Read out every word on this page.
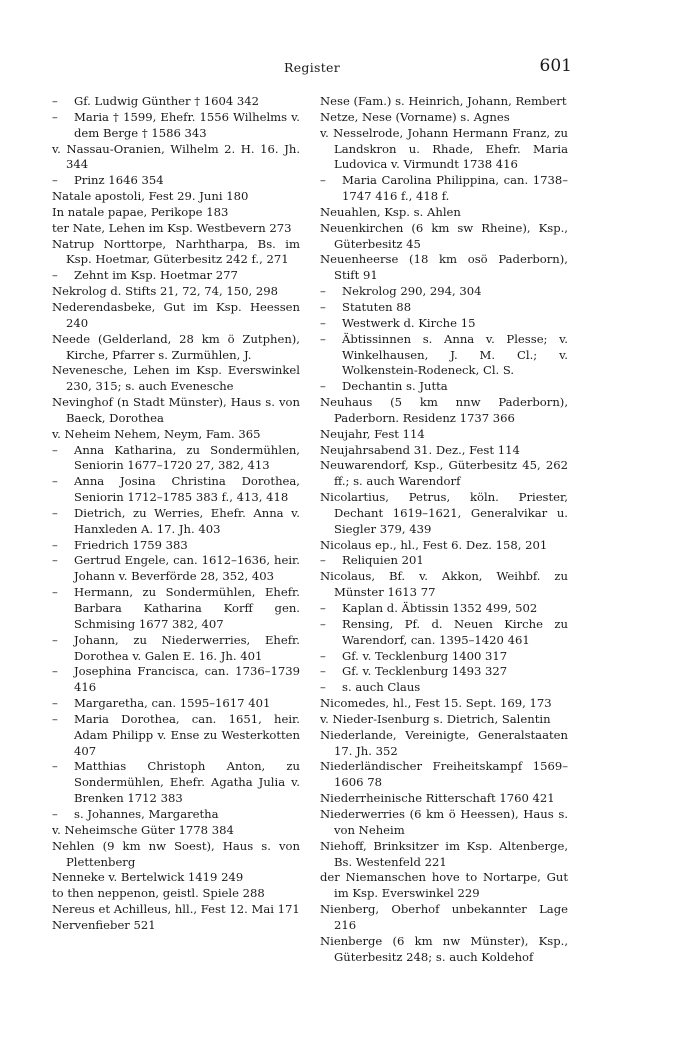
Register	601
– Gf. Ludwig Günther † 1604 342
– Maria † 1599, Ehefr. 1556 Wilhelms v. dem Berge † 1586 343
v. Nassau-Oranien, Wilhelm 2. H. 16. Jh. 344
– Prinz 1646 354
Natale apostoli, Fest 29. Juni 180
In natale papae, Perikope 183
ter Nate, Lehen im Ksp. Westbevern 273
Natrup Norttorpe, Narhtharpa, Bs. im Ksp. Hoetmar, Güterbesitz 242 f., 271
– Zehnt im Ksp. Hoetmar 277
Nekrolog d. Stifts 21, 72, 74, 150, 298
Nederendasbeke, Gut im Ksp. Heessen 240
Neede (Gelderland, 28 km ö Zutphen), Kirche, Pfarrer s. Zurmühlen, J.
Nevenesche, Lehen im Ksp. Everswinkel 230, 315; s. auch Evenesche
Nevinghof (n Stadt Münster), Haus s. von Baeck, Dorothea
v. Neheim Nehem, Neym, Fam. 365
– Anna Katharina, zu Sondermühlen, Seniorin 1677–1720 27, 382, 413
– Anna Josina Christina Dorothea, Seniorin 1712–1785 383 f., 413, 418
– Dietrich, zu Werries, Ehefr. Anna v. Hanxleden A. 17. Jh. 403
– Friedrich 1759 383
– Gertrud Engele, can. 1612–1636, heir. Johann v. Beverförde 28, 352, 403
– Hermann, zu Sondermühlen, Ehefr. Barbara Katharina Korff gen. Schmising 1677 382, 407
– Johann, zu Niederwerries, Ehefr. Dorothea v. Galen E. 16. Jh. 401
– Josephina Francisca, can. 1736–1739 416
– Margaretha, can. 1595–1617 401
– Maria Dorothea, can. 1651, heir. Adam Philipp v. Ense zu Westerkotten 407
– Matthias Christoph Anton, zu Sondermühlen, Ehefr. Agatha Julia v. Brenken 1712 383
– s. Johannes, Margaretha
v. Neheimsche Güter 1778 384
Nehlen (9 km nw Soest), Haus s. von Plettenberg
Nenneke v. Bertelwick 1419 249
to then neppenon, geistl. Spiele 288
Nereus et Achilleus, hll., Fest 12. Mai 171
Nervenfieber 521
Nese (Fam.) s. Heinrich, Johann, Rembert
Netze, Nese (Vorname) s. Agnes
v. Nesselrode, Johann Hermann Franz, zu Landskron u. Rhade, Ehefr. Maria Ludovica v. Virmundt 1738 416
– Maria Carolina Philippina, can. 1738–1747 416 f., 418 f.
Neuahlen, Ksp. s. Ahlen
Neuenkirchen (6 km sw Rheine), Ksp., Güterbesitz 45
Neuenheerse (18 km osö Paderborn), Stift 91
– Nekrolog 290, 294, 304
– Statuten 88
– Westwerk d. Kirche 15
– Äbtissinnen s. Anna v. Plesse; v. Winkelhausen, J. M. Cl.; v. Wolkenstein-Rodeneck, Cl. S.
– Dechantin s. Jutta
Neuhaus (5 km nnw Paderborn), Paderborn. Residenz 1737 366
Neujahr, Fest 114
Neujahrsabend 31. Dez., Fest 114
Neuwarendorf, Ksp., Güterbesitz 45, 262 ff.; s. auch Warendorf
Nicolartius, Petrus, köln. Priester, Dechant 1619–1621, Generalvikar u. Siegler 379, 439
Nicolaus ep., hl., Fest 6. Dez. 158, 201
– Reliquien 201
Nicolaus, Bf. v. Akkon, Weihbf. zu Münster 1613 77
– Kaplan d. Äbtissin 1352 499, 502
– Rensing, Pf. d. Neuen Kirche zu Warendorf, can. 1395–1420 461
– Gf. v. Tecklenburg 1400 317
– Gf. v. Tecklenburg 1493 327
– s. auch Claus
Nicomedes, hl., Fest 15. Sept. 169, 173
v. Nieder-Isenburg s. Dietrich, Salentin
Niederlande, Vereinigte, Generalstaaten 17. Jh. 352
Niederländischer Freiheitskampf 1569–1606 78
Niederrheinische Ritterschaft 1760 421
Niederwerries (6 km ö Heessen), Haus s. von Neheim
Niehoff, Brinksitzer im Ksp. Altenberge, Bs. Westenfeld 221
der Niemanschen hove to Nortarpe, Gut im Ksp. Everswinkel 229
Nienberg, Oberhof unbekannter Lage 216
Nienberge (6 km nw Münster), Ksp., Güterbesitz 248; s. auch Koldehof
